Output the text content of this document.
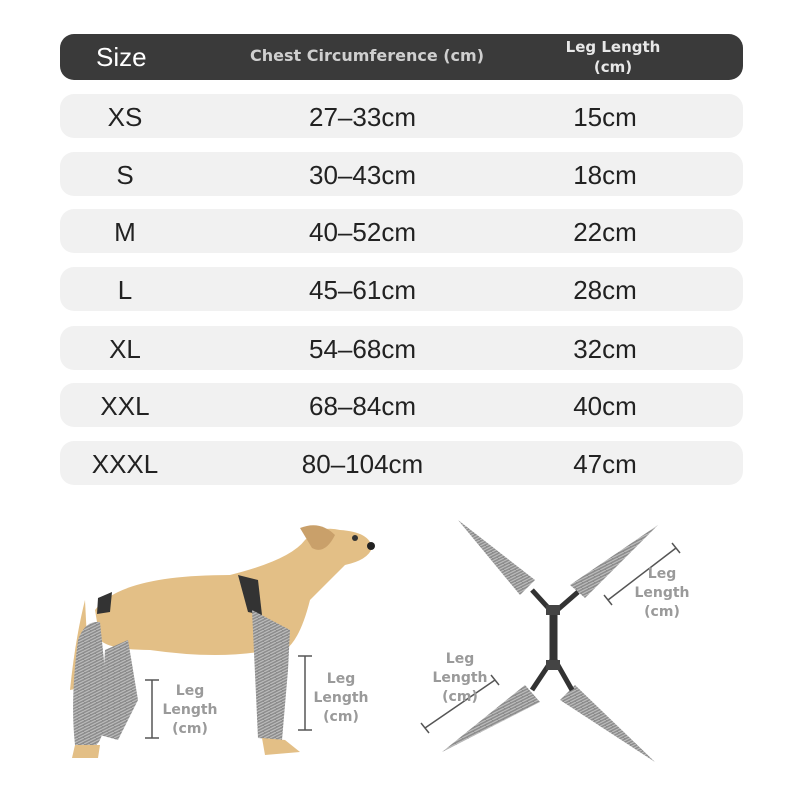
Size	Chest Circumference (cm)	Leg Length
(cm)
XS	27–33cm	15cm
S	30–43cm	18cm
M	40–52cm	22cm
L	45–61cm	28cm
XL	54–68cm	32cm
XXL	68–84cm	40cm
XXXL	80–104cm	47cm
Leg
Length
(cm)
Leg
Length
(cm)
Leg
Length
(cm)
Leg
Length
(cm)
